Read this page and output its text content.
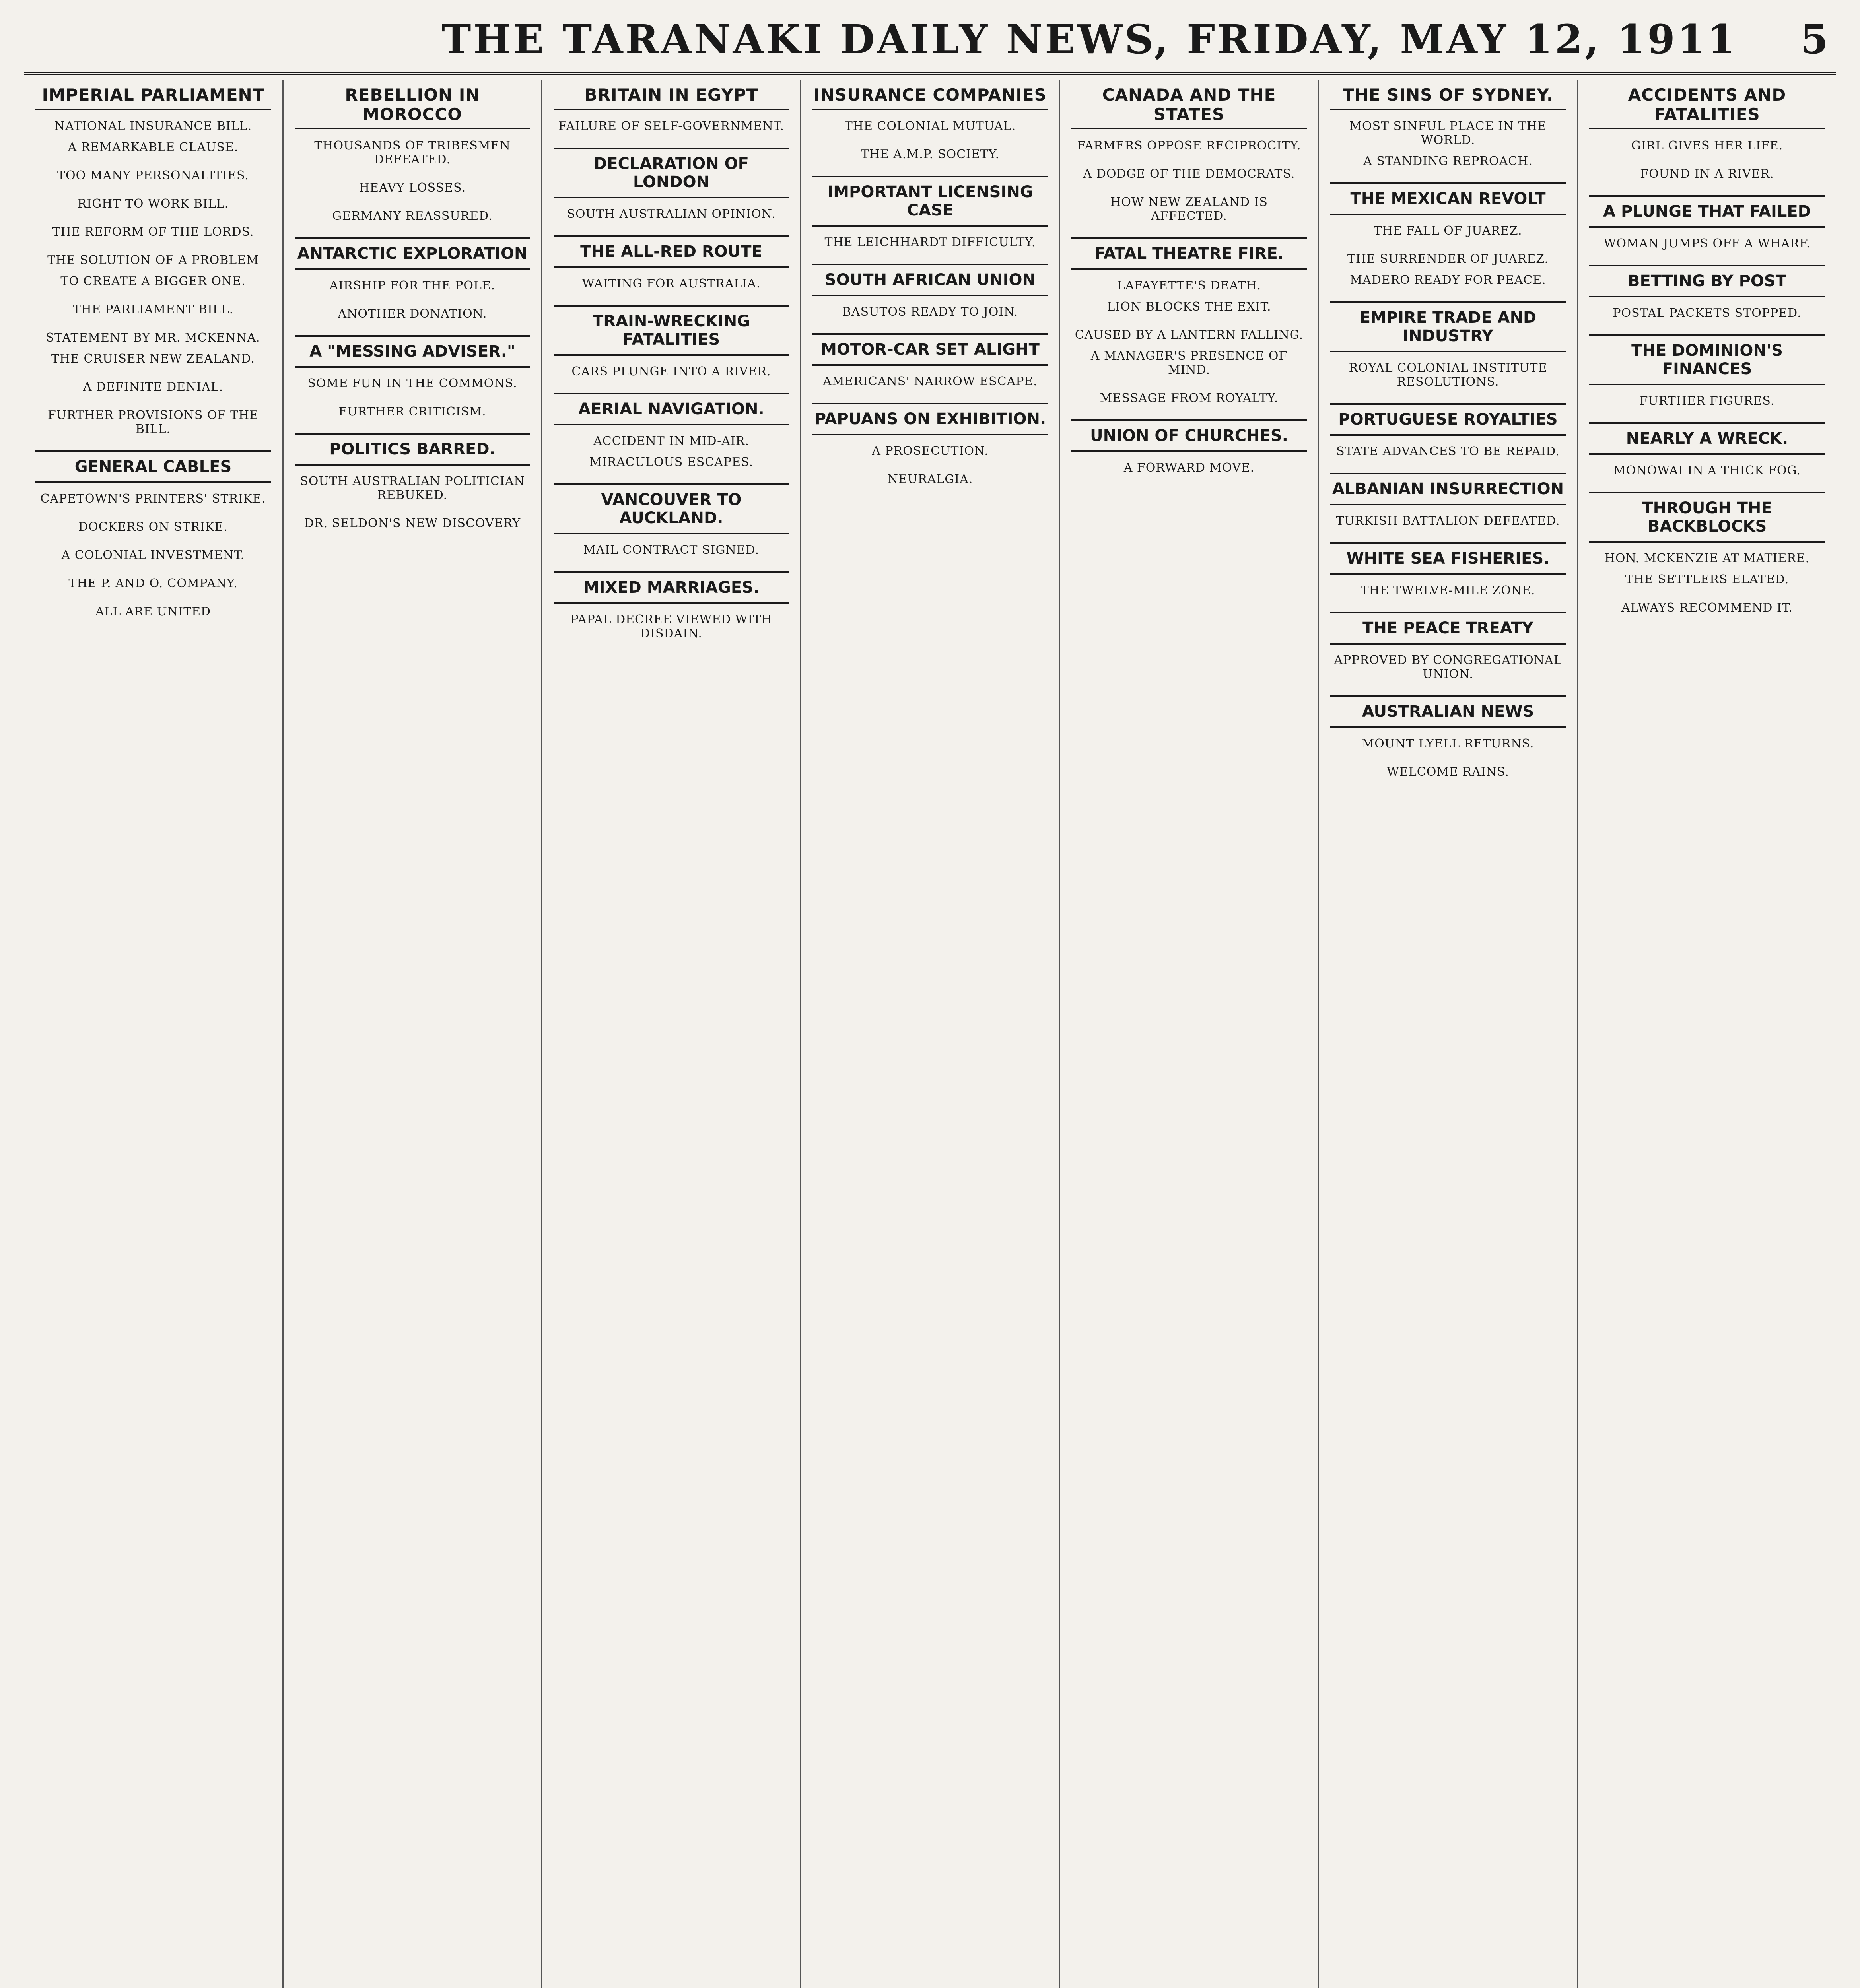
THE TARANAKI DAILY NEWS, FRIDAY, MAY 12, 1911 5
IMPERIAL PARLIAMENT
NATIONAL INSURANCE BILL.
A REMARKABLE CLAUSE.
TOO MANY PERSONALITIES.
RIGHT TO WORK BILL.
THE REFORM OF THE LORDS.
THE SOLUTION OF A PROBLEM
TO CREATE A BIGGER ONE.
THE PARLIAMENT BILL.
STATEMENT BY MR. MCKENNA.
THE CRUISER NEW ZEALAND.
A DEFINITE DENIAL.
FURTHER PROVISIONS OF THE BILL.
GENERAL CABLES
CAPETOWN'S PRINTERS' STRIKE.
DOCKERS ON STRIKE.
A COLONIAL INVESTMENT.
THE P. AND O. COMPANY.
ALL ARE UNITED
REBELLION IN MOROCCO
THOUSANDS OF TRIBESMEN DEFEATED.
HEAVY LOSSES.
GERMANY REASSURED.
ANTARCTIC EXPLORATION
AIRSHIP FOR THE POLE.
ANOTHER DONATION.
A "MESSING ADVISER."
SOME FUN IN THE COMMONS.
FURTHER CRITICISM.
POLITICS BARRED.
SOUTH AUSTRALIAN POLITICIAN REBUKED.
DR. SELDON'S NEW DISCOVERY
BRITAIN IN EGYPT
FAILURE OF SELF-GOVERNMENT.
DECLARATION OF LONDON
SOUTH AUSTRALIAN OPINION.
THE ALL-RED ROUTE
WAITING FOR AUSTRALIA.
TRAIN-WRECKING FATALITIES
CARS PLUNGE INTO A RIVER.
AERIAL NAVIGATION.
ACCIDENT IN MID-AIR.
MIRACULOUS ESCAPES.
VANCOUVER TO AUCKLAND.
MAIL CONTRACT SIGNED.
MIXED MARRIAGES.
PAPAL DECREE VIEWED WITH DISDAIN.
INSURANCE COMPANIES
THE COLONIAL MUTUAL.
THE A.M.P. SOCIETY.
IMPORTANT LICENSING CASE
THE LEICHHARDT DIFFICULTY.
SOUTH AFRICAN UNION
BASUTOS READY TO JOIN.
MOTOR-CAR SET ALIGHT
AMERICANS' NARROW ESCAPE.
PAPUANS ON EXHIBITION.
A PROSECUTION.
NEURALGIA.
CANADA AND THE STATES
FARMERS OPPOSE RECIPROCITY.
A DODGE OF THE DEMOCRATS.
HOW NEW ZEALAND IS AFFECTED.
FATAL THEATRE FIRE.
LAFAYETTE'S DEATH.
LION BLOCKS THE EXIT.
CAUSED BY A LANTERN FALLING.
A MANAGER'S PRESENCE OF MIND.
MESSAGE FROM ROYALTY.
UNION OF CHURCHES.
A FORWARD MOVE.
THE SINS OF SYDNEY.
MOST SINFUL PLACE IN THE WORLD.
A STANDING REPROACH.
THE MEXICAN REVOLT
THE FALL OF JUAREZ.
THE SURRENDER OF JUAREZ.
MADERO READY FOR PEACE.
EMPIRE TRADE AND INDUSTRY
ROYAL COLONIAL INSTITUTE RESOLUTIONS.
PORTUGUESE ROYALTIES
STATE ADVANCES TO BE REPAID.
ALBANIAN INSURRECTION
TURKISH BATTALION DEFEATED.
WHITE SEA FISHERIES.
THE TWELVE-MILE ZONE.
THE PEACE TREATY
APPROVED BY CONGREGATIONAL UNION.
AUSTRALIAN NEWS
MOUNT LYELL RETURNS.
WELCOME RAINS.
ACCIDENTS AND FATALITIES
GIRL GIVES HER LIFE.
FOUND IN A RIVER.
A PLUNGE THAT FAILED
WOMAN JUMPS OFF A WHARF.
BETTING BY POST
POSTAL PACKETS STOPPED.
THE DOMINION'S FINANCES
FURTHER FIGURES.
NEARLY A WRECK.
MONOWAI IN A THICK FOG.
THROUGH THE BACKBLOCKS
HON. MCKENZIE AT MATIERE.
THE SETTLERS ELATED.
ALWAYS RECOMMEND IT.
